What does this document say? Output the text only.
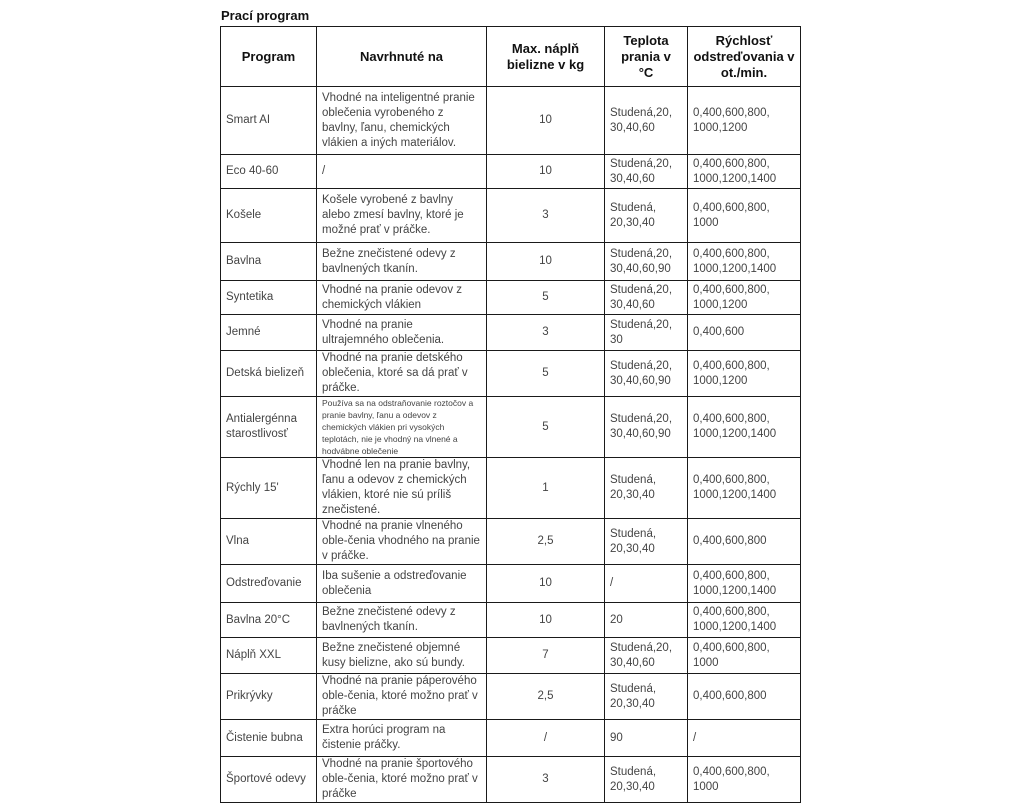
Prací program
Program	Navrhnuté na	Max. náplň bielizne v kg	Teplota prania v °C	Rýchlosť odstreďovania v ot./min.
Smart AI	Vhodné na inteligentné pranie oblečenia vyrobeného z bavlny, ľanu, chemických vlákien a iných materiálov.	10	Studená,20, 30,40,60	0,400,600,800, 1000,1200
Eco 40-60	/	10	Studená,20, 30,40,60	0,400,600,800, 1000,1200,1400
Košele	Košele vyrobené z bavlny alebo zmesí bavlny, ktoré je možné prať v práčke.	3	Studená, 20,30,40	0,400,600,800, 1000
Bavlna	Bežne znečistené odevy z bavlnených tkanín.	10	Studená,20, 30,40,60,90	0,400,600,800, 1000,1200,1400
Syntetika	Vhodné na pranie odevov z chemických vlákien	5	Studená,20, 30,40,60	0,400,600,800, 1000,1200
Jemné	Vhodné na pranie ultrajemného oblečenia.	3	Studená,20, 30	0,400,600
Detská bielizeň	Vhodné na pranie detského oblečenia, ktoré sa dá prať v práčke.	5	Studená,20, 30,40,60,90	0,400,600,800, 1000,1200
Antialergénna starostlivosť	Používa sa na odstraňovanie roztočov a pranie bavlny, ľanu a odevov z chemických vlákien pri vysokých teplotách, nie je vhodný na vlnené a hodvábne oblečenie	5	Studená,20, 30,40,60,90	0,400,600,800, 1000,1200,1400
Rýchly 15'	Vhodné len na pranie bavlny, ľanu a odevov z chemických vlákien, ktoré nie sú príliš znečistené.	1	Studená, 20,30,40	0,400,600,800, 1000,1200,1400
Vlna	Vhodné na pranie vlneného oble-čenia vhodného na pranie v práčke.	2,5	Studená, 20,30,40	0,400,600,800
Odstreďovanie	Iba sušenie a odstreďovanie oblečenia	10	/	0,400,600,800, 1000,1200,1400
Bavlna 20°C	Bežne znečistené odevy z bavlnených tkanín.	10	20	0,400,600,800, 1000,1200,1400
Náplň XXL	Bežne znečistené objemné kusy bielizne, ako sú bundy.	7	Studená,20, 30,40,60	0,400,600,800, 1000
Prikrývky	Vhodné na pranie páperového oble-čenia, ktoré možno prať v práčke	2,5	Studená, 20,30,40	0,400,600,800
Čistenie bubna	Extra horúci program na čistenie práčky.	/	90	/
Športové odevy	Vhodné na pranie športového oble-čenia, ktoré možno prať v práčke	3	Studená, 20,30,40	0,400,600,800, 1000
